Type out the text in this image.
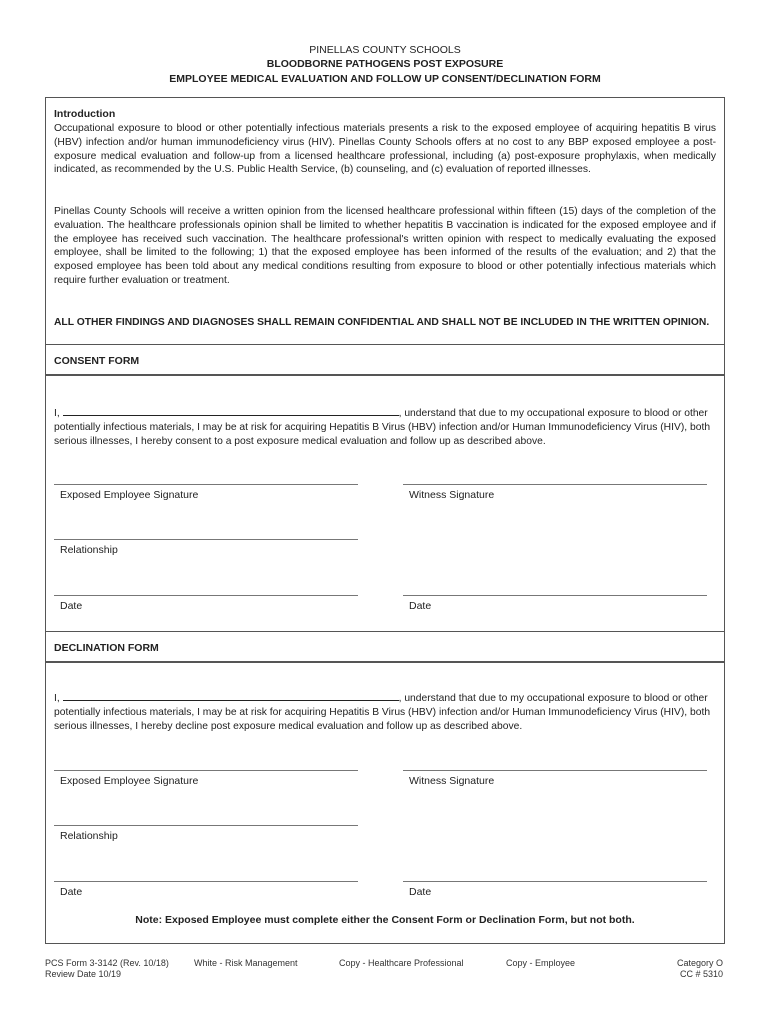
PINELLAS COUNTY SCHOOLS
BLOODBORNE PATHOGENS POST EXPOSURE
EMPLOYEE MEDICAL EVALUATION AND FOLLOW UP CONSENT/DECLINATION FORM
Introduction
Occupational exposure to blood or other potentially infectious materials presents a risk to the exposed employee of acquiring hepatitis B virus (HBV) infection and/or human immunodeficiency virus (HIV). Pinellas County Schools offers at no cost to any BBP exposed employee a post-exposure medical evaluation and follow-up from a licensed healthcare professional, including (a) post-exposure prophylaxis, when medically indicated, as recommended by the U.S. Public Health Service, (b) counseling, and (c) evaluation of reported illnesses.
Pinellas County Schools will receive a written opinion from the licensed healthcare professional within fifteen (15) days of the completion of the evaluation. The healthcare professionals opinion shall be limited to whether hepatitis B vaccination is indicated for the exposed employee and if the employee has received such vaccination. The healthcare professional's written opinion with respect to medically evaluating the exposed employee, shall be limited to the following; 1) that the exposed employee has been informed of the results of the evaluation; and 2) that the exposed employee has been told about any medical conditions resulting from exposure to blood or other potentially infectious materials which require further evaluation or treatment.
ALL OTHER FINDINGS AND DIAGNOSES SHALL REMAIN CONFIDENTIAL AND SHALL NOT BE INCLUDED IN THE WRITTEN OPINION.
CONSENT FORM
I,	, understand that due to my occupational exposure to blood or other potentially infectious materials, I may be at risk for acquiring Hepatitis B Virus (HBV) infection and/or Human Immunodeficiency Virus (HIV), both serious illnesses, I hereby consent to a post exposure medical evaluation and follow up as described above.
Exposed Employee Signature	Witness Signature
Relationship
Date	Date
DECLINATION FORM
I,	, understand that due to my occupational exposure to blood or other potentially infectious materials, I may be at risk for acquiring Hepatitis B Virus (HBV) infection and/or Human Immunodeficiency Virus (HIV), both serious illnesses, I hereby decline post exposure medical evaluation and follow up as described above.
Exposed Employee Signature	Witness Signature
Relationship
Date	Date
Note: Exposed Employee must complete either the Consent Form or Declination Form, but not both.
PCS Form 3-3142 (Rev. 10/18)
Review Date 10/19
White - Risk Management	Copy - Healthcare Professional	Copy - Employee	Category O
CC # 5310
